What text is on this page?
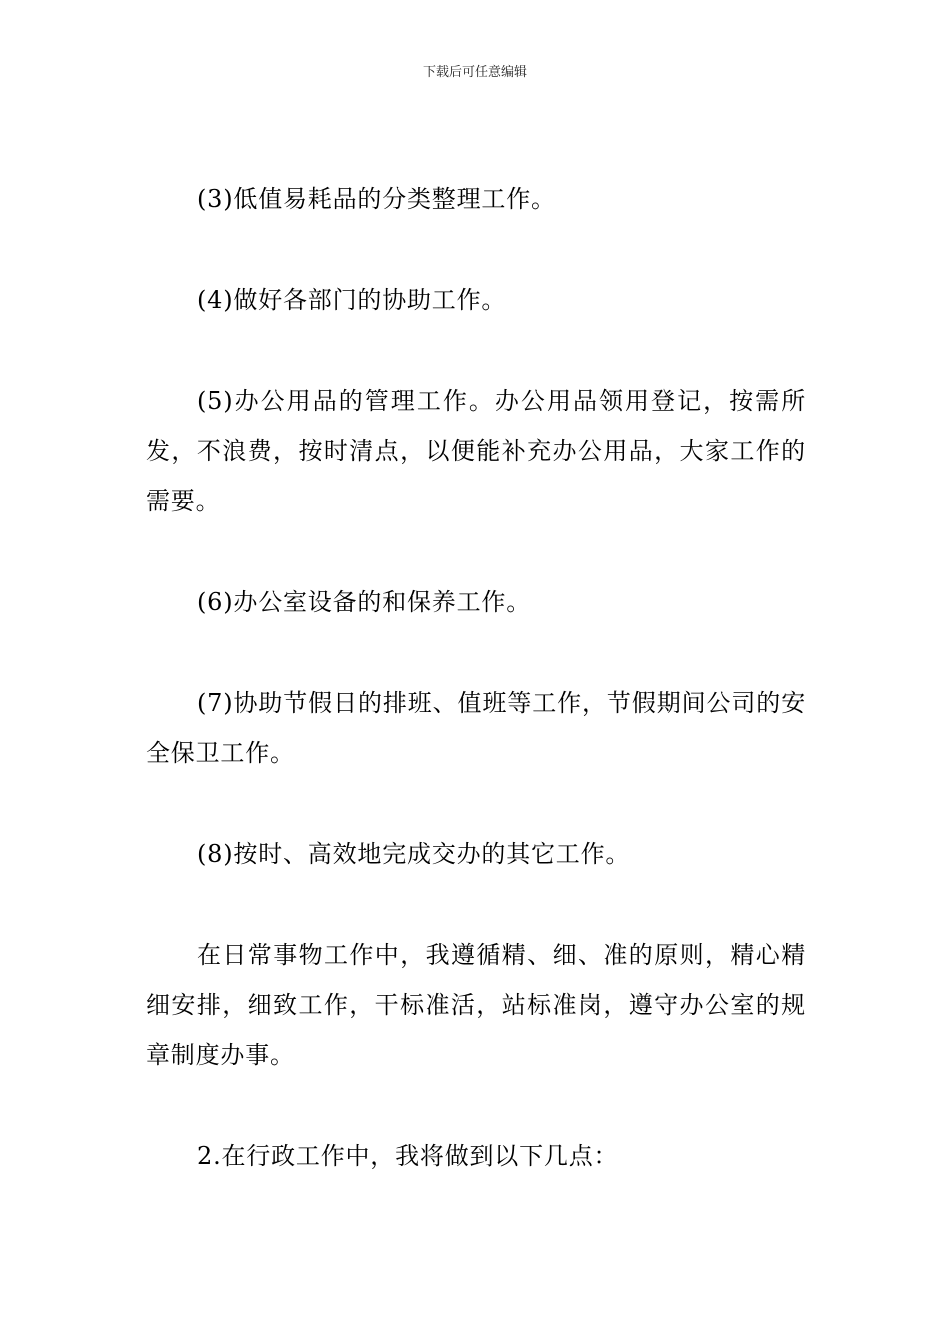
下载后可任意编辑

(3)低值易耗品的分类整理工作。

(4)做好各部门的协助工作。

(5)办公用品的管理工作。办公用品领用登记，按需所发，不浪费，按时清点，以便能补充办公用品，大家工作的需要。

(6)办公室设备的和保养工作。

(7)协助节假日的排班、值班等工作，节假期间公司的安全保卫工作。

(8)按时、高效地完成交办的其它工作。

在日常事物工作中，我遵循精、细、准的原则，精心精细安排，细致工作，干标准活，站标准岗，遵守办公室的规章制度办事。

2.在行政工作中，我将做到以下几点：
